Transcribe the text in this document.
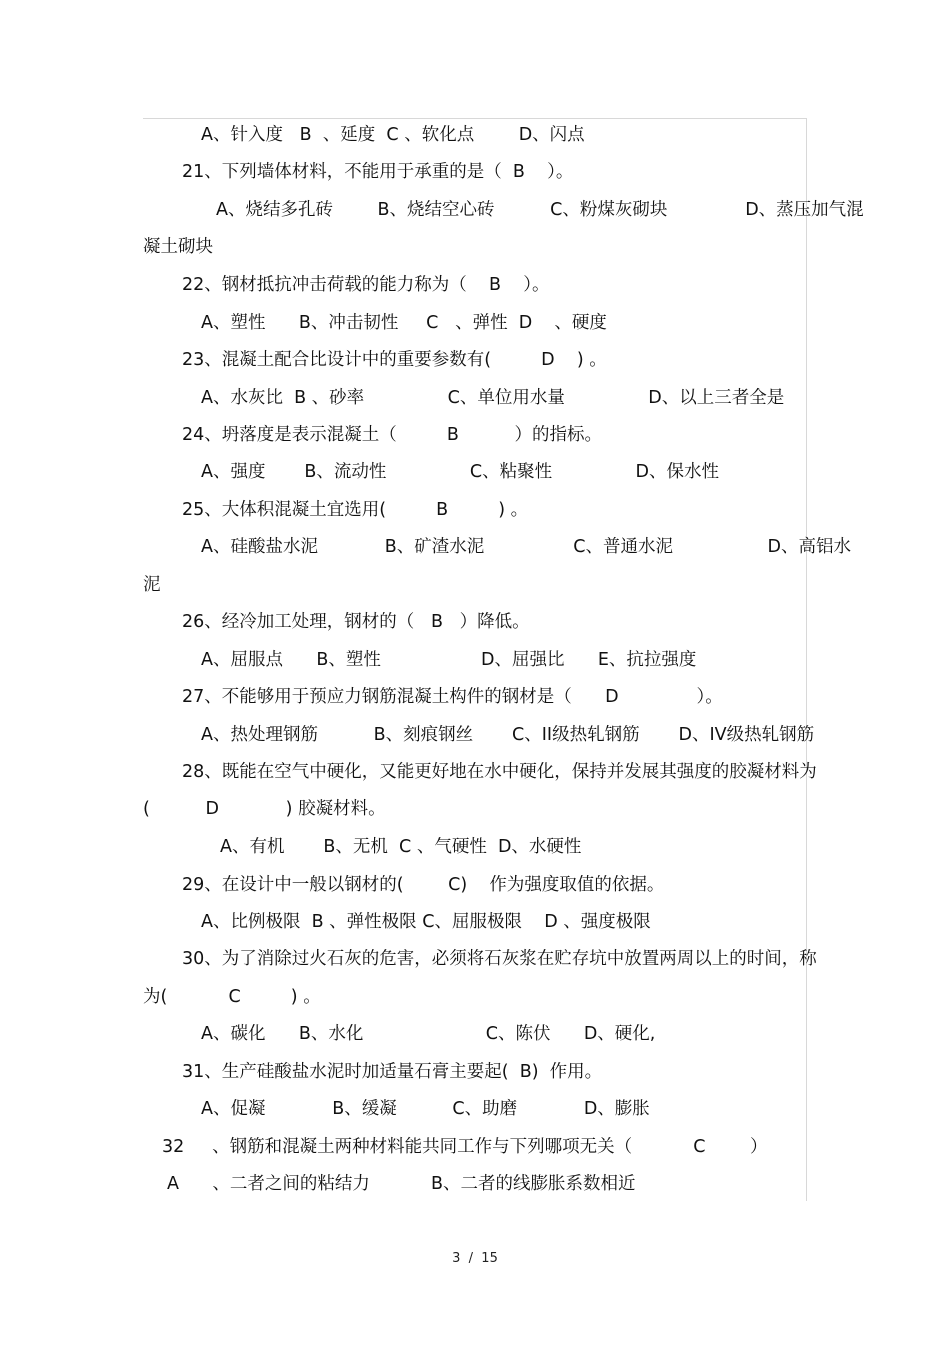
A、针入度   B  、延度  C 、软化点        D、闪点
21、下列墙体材料，不能用于承重的是（  B    ）。
A、烧结多孔砖        B、烧结空心砖          C、粉煤灰砌块              D、蒸压加气混
凝土砌块
22、钢材抵抗冲击荷载的能力称为（    B    ）。
A、塑性      B、冲击韧性     C   、弹性  D    、硬度
23、混凝土配合比设计中的重要参数有(         D    ) 。
A、水灰比  B 、砂率               C、单位用水量               D、以上三者全是
24、坍落度是表示混凝土（         B          ）的指标。
A、强度       B、流动性               C、粘聚性               D、保水性
25、大体积混凝土宜选用(         B         ) 。
A、硅酸盐水泥            B、矿渣水泥                C、普通水泥                 D、高铝水
泥
26、经冷加工处理，钢材的（   B   ）降低。
A、屈服点      B、塑性                  D、屈强比      E、抗拉强度
27、不能够用于预应力钢筋混凝土构件的钢材是（      D              ）。
A、热处理钢筋          B、刻痕钢丝       C、II级热轧钢筋       D、IV级热轧钢筋
28、既能在空气中硬化，又能更好地在水中硬化，保持并发展其强度的胶凝材料为
(          D            ) 胶凝材料。
A、有机       B、无机  C 、气硬性  D、水硬性
29、在设计中一般以钢材的(        C)    作为强度取值的依据。
A、比例极限  B 、弹性极限 C、屈服极限    D 、强度极限
30、为了消除过火石灰的危害，必须将石灰浆在贮存坑中放置两周以上的时间，称
为(           C         ) 。
A、碳化      B、水化                      C、陈伏      D、硬化,
31、生产硅酸盐水泥时加适量石膏主要起(  B)  作用。
A、促凝            B、缓凝          C、助磨            D、膨胀
32     、钢筋和混凝土两种材料能共同工作与下列哪项无关（           C        ）
A      、二者之间的粘结力           B、二者的线膨胀系数相近
3  /  15
